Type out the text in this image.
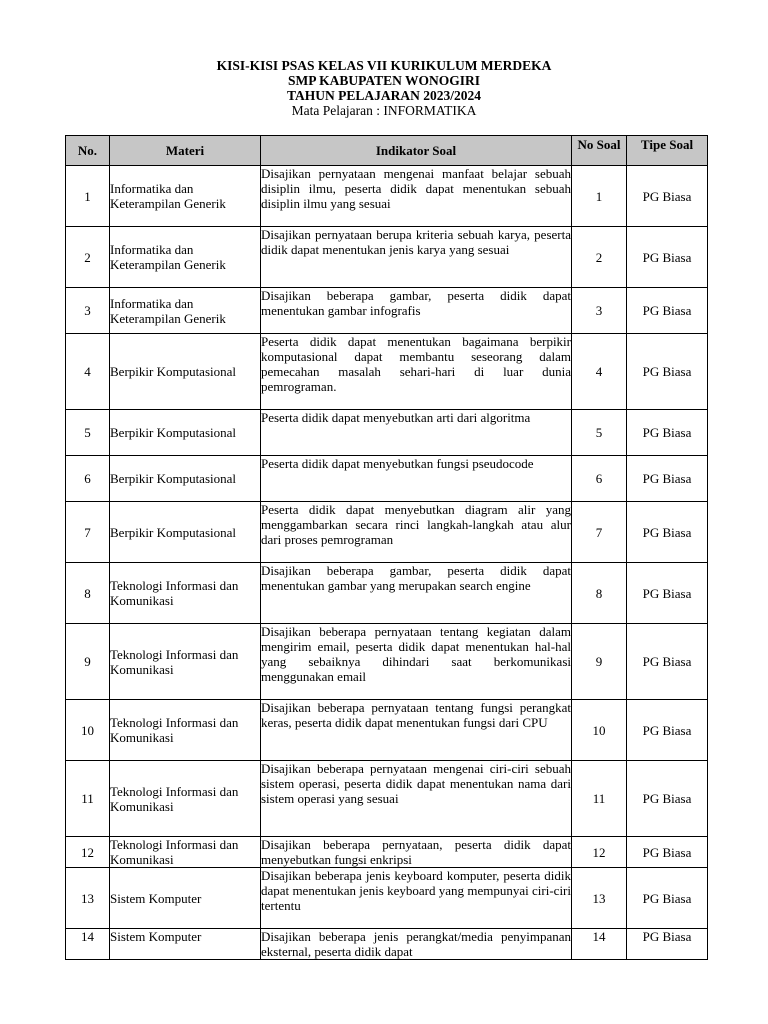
KISI-KISI PSAS KELAS VII KURIKULUM MERDEKA
SMP KABUPATEN WONOGIRI
TAHUN PELAJARAN 2023/2024
Mata Pelajaran : INFORMATIKA
No.	Materi	Indikator Soal	No Soal	Tipe Soal
1	Informatika dan Keterampilan Generik	Disajikan pernyataan mengenai manfaat belajar sebuah disiplin ilmu, peserta didik dapat menentukan sebuah disiplin ilmu yang sesuai	1	PG Biasa
2	Informatika dan Keterampilan Generik	Disajikan pernyataan berupa kriteria sebuah karya, peserta didik dapat menentukan jenis karya yang sesuai	2	PG Biasa
3	Informatika dan Keterampilan Generik	Disajikan beberapa gambar, peserta didik dapat menentukan gambar infografis	3	PG Biasa
4	Berpikir Komputasional	Peserta didik dapat menentukan bagaimana berpikir komputasional dapat membantu seseorang dalam pemecahan masalah sehari-hari di luar dunia pemrograman.	4	PG Biasa
5	Berpikir Komputasional	Peserta didik dapat menyebutkan arti dari algoritma	5	PG Biasa
6	Berpikir Komputasional	Peserta didik dapat menyebutkan fungsi pseudocode	6	PG Biasa
7	Berpikir Komputasional	Peserta didik dapat menyebutkan diagram alir yang menggambarkan secara rinci langkah-langkah atau alur dari proses pemrograman	7	PG Biasa
8	Teknologi Informasi dan Komunikasi	Disajikan beberapa gambar, peserta didik dapat menentukan gambar yang merupakan search engine	8	PG Biasa
9	Teknologi Informasi dan Komunikasi	Disajikan beberapa pernyataan tentang kegiatan dalam mengirim email, peserta didik dapat menentukan hal-hal yang sebaiknya dihindari saat berkomunikasi menggunakan email	9	PG Biasa
10	Teknologi Informasi dan Komunikasi	Disajikan beberapa pernyataan tentang fungsi perangkat keras, peserta didik dapat menentukan fungsi dari CPU	10	PG Biasa
11	Teknologi Informasi dan Komunikasi	Disajikan beberapa pernyataan mengenai ciri-ciri sebuah sistem operasi, peserta didik dapat menentukan nama dari sistem operasi yang sesuai	11	PG Biasa
12	Teknologi Informasi dan Komunikasi	Disajikan beberapa pernyataan, peserta didik dapat menyebutkan fungsi enkripsi	12	PG Biasa
13	Sistem Komputer	Disajikan beberapa jenis keyboard komputer, peserta didik dapat menentukan jenis keyboard yang mempunyai ciri-ciri tertentu	13	PG Biasa
14	Sistem Komputer	Disajikan beberapa jenis perangkat/media penyimpanan eksternal, peserta didik dapat	14	PG Biasa
